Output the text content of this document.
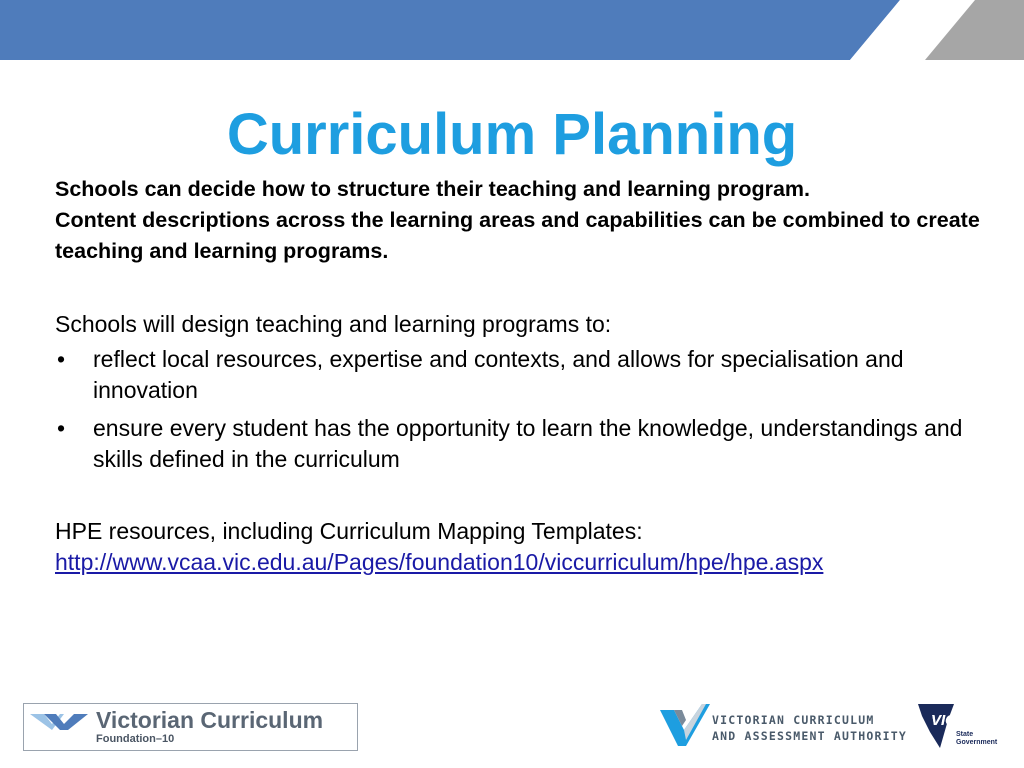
Curriculum Planning

Schools can decide how to structure their teaching and learning program.
Content descriptions across the learning areas and capabilities can be combined to create teaching and learning programs.

Schools will design teaching and learning programs to:

• reflect local resources, expertise and contexts, and allows for specialisation and innovation
• ensure every student has the opportunity to learn the knowledge, understandings and skills defined in the curriculum

HPE resources, including Curriculum Mapping Templates:
http://www.vcaa.vic.edu.au/Pages/foundation10/viccurriculum/hpe/hpe.aspx

Victorian Curriculum
Foundation–10
VICTORIAN CURRICULUM
AND ASSESSMENT AUTHORITY
VICTORIA
State
Government
